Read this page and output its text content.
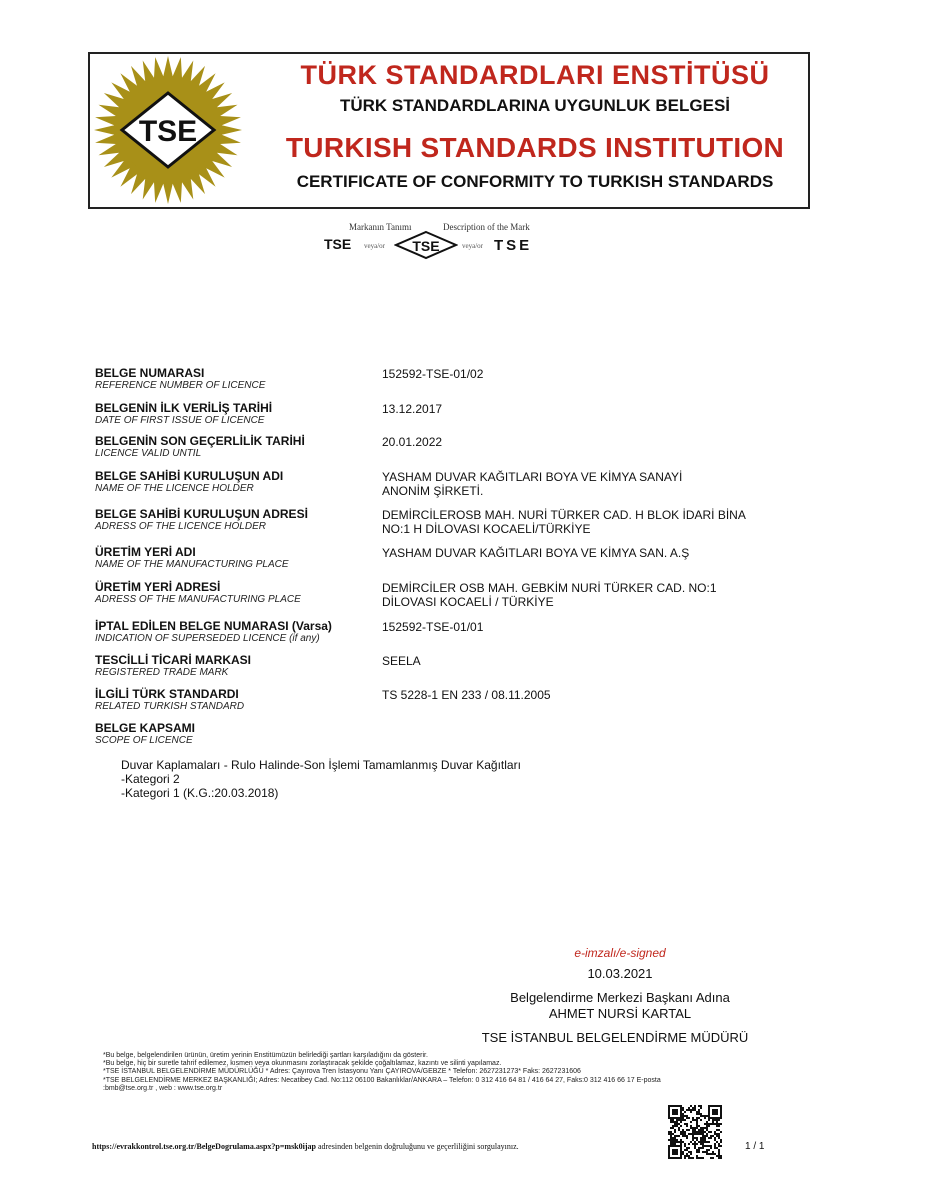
TSE
TÜRK STANDARDLARI ENSTİTÜSÜ
TÜRK STANDARDLARINA UYGUNLUK BELGESİ
TURKISH STANDARDS INSTITUTION
CERTIFICATE OF CONFORMITY TO TURKISH STANDARDS
Markanın Tanımı	Description of the Mark
TSE veya/or TSE	veya/or TSE
BELGE NUMARASI
REFERENCE NUMBER OF LICENCE
152592-TSE-01/02
BELGENİN İLK VERİLİŞ TARİHİ
DATE OF FIRST ISSUE OF LICENCE
13.12.2017
BELGENİN SON GEÇERLİLİK TARİHİ
LICENCE VALID UNTIL
20.01.2022
BELGE SAHİBİ KURULUŞUN ADI
NAME OF THE LICENCE HOLDER
YASHAM DUVAR KAĞITLARI BOYA VE KİMYA SANAYİ
ANONİM ŞİRKETİ.
BELGE SAHİBİ KURULUŞUN ADRESİ
ADRESS OF THE LICENCE HOLDER
DEMİRCİLEROSB MAH. NURİ TÜRKER CAD. H BLOK İDARİ BİNA
NO:1 H DİLOVASI KOCAELİ/TÜRKİYE
ÜRETİM YERİ ADI
NAME OF THE MANUFACTURING PLACE
YASHAM DUVAR KAĞITLARI BOYA VE KİMYA SAN. A.Ş
ÜRETİM YERİ ADRESİ
ADRESS OF THE MANUFACTURING PLACE
DEMİRCİLER OSB MAH. GEBKİM NURİ TÜRKER CAD. NO:1
DİLOVASI KOCAELİ / TÜRKİYE
İPTAL EDİLEN BELGE NUMARASI (Varsa)
INDICATION OF SUPERSEDED LICENCE (if any)
152592-TSE-01/01
TESCİLLİ TİCARİ MARKASI
REGISTERED TRADE MARK
SEELA
İLGİLİ TÜRK STANDARDI
RELATED TURKISH STANDARD
TS 5228-1 EN 233 / 08.11.2005
BELGE KAPSAMI
SCOPE OF LICENCE
Duvar Kaplamaları - Rulo Halinde-Son İşlemi Tamamlanmış Duvar Kağıtları
-Kategori 2
-Kategori 1 (K.G.:20.03.2018)
e-imzalı/e-signed
10.03.2021
Belgelendirme Merkezi Başkanı Adına
AHMET NURSİ KARTAL
TSE İSTANBUL BELGELENDİRME MÜDÜRÜ
*Bu belge, belgelendirilen ürünün, üretim yerinin Enstitümüzün belirlediği şartları karşıladığını da gösterir.
*Bu belge, hiç bir suretle tahrif edilemez, kısmen veya okunmasını zorlaştıracak şekilde çoğaltılamaz, kazıntı ve silinti yapılamaz.
*TSE İSTANBUL BELGELENDİRME MÜDÜRLÜĞÜ * Adres: Çayırova Tren İstasyonu Yanı ÇAYIROVA/GEBZE * Telefon: 2627231273* Faks: 2627231606
*TSE BELGELENDİRME MERKEZ BAŞKANLIĞI; Adres: Necatibey Cad. No:112 06100 Bakanlıklar/ANKARA – Telefon: 0 312 416 64 81 / 416 64 27, Faks:0 312 416 66 17 E-posta
:bmb@tse.org.tr , web : www.tse.org.tr
https://evrakkontrol.tse.org.tr/BelgeDogrulama.aspx?p=msk0ijap adresinden belgenin doğruluğunu ve geçerliliğini sorgulayınız.	1 / 1
